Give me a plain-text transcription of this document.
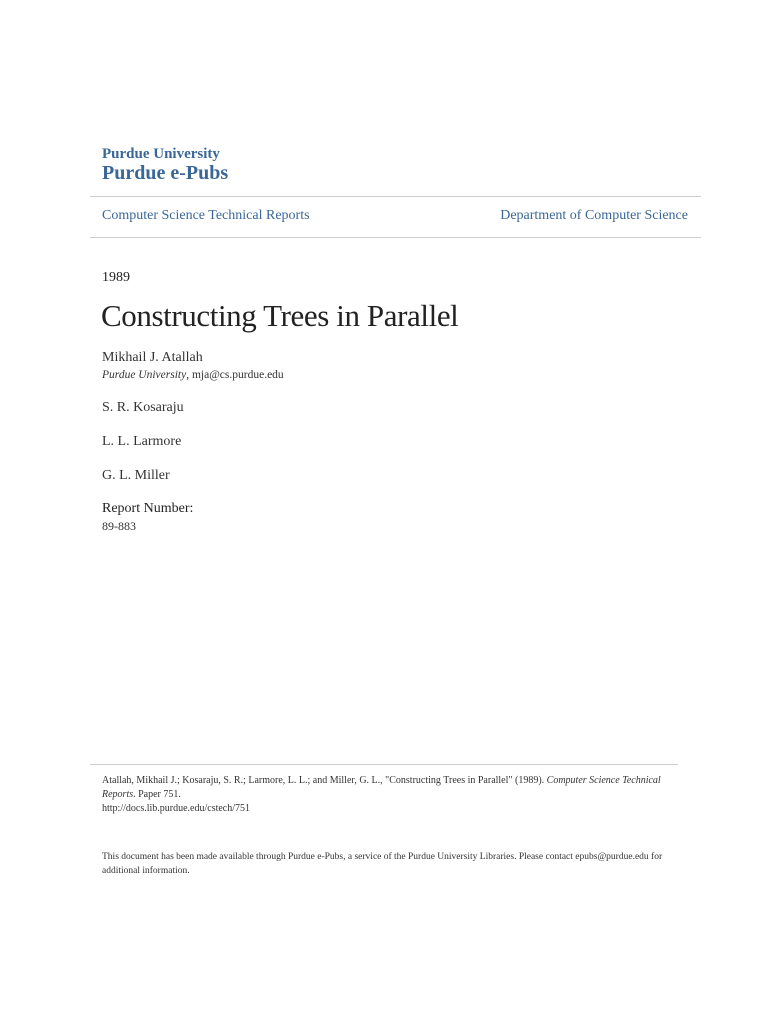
Purdue University
Purdue e-Pubs
Computer Science Technical Reports	Department of Computer Science
1989
Constructing Trees in Parallel
Mikhail J. Atallah
Purdue University, mja@cs.purdue.edu
S. R. Kosaraju
L. L. Larmore
G. L. Miller
Report Number:
89-883
Atallah, Mikhail J.; Kosaraju, S. R.; Larmore, L. L.; and Miller, G. L., "Constructing Trees in Parallel" (1989). Computer Science Technical Reports. Paper 751.
http://docs.lib.purdue.edu/cstech/751
This document has been made available through Purdue e-Pubs, a service of the Purdue University Libraries. Please contact epubs@purdue.edu for additional information.
